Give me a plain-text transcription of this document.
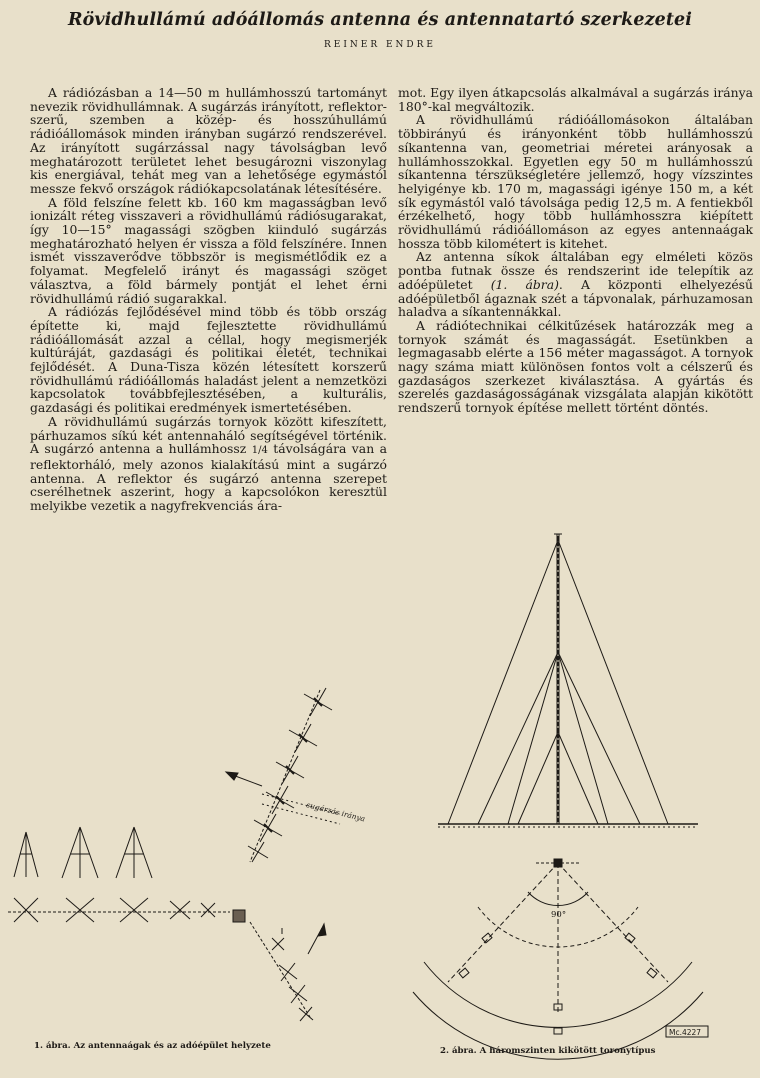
Rövidhullámú adóállomás antenna és antennatartó szerkezetei
REINER ENDRE

A rádiózásban a 14—50 m hullámhosszú tartományt nevezik rövidhullámnak. A sugárzás irányított, reflektor-szerű, szemben a közép- és hosszúhullámú rádióállomások minden irányban sugárzó rendszerével. Az irányított sugárzással nagy távolságban levő meghatározott területet lehet besugározni viszonylag kis energiával, tehát meg van a lehetősége egymástól messze fekvő országok rádiókapcsolatának létesítésére.

A föld felszíne felett kb. 160 km magasságban levő ionizált réteg visszaveri a rövidhullámú rádiósugarakat, így 10—15° magassági szögben kiinduló sugárzás meghatározható helyen ér vissza a föld felszínére. Innen ismét visszaverődve többször is megismétlődik ez a folyamat. Megfelelő irányt és magassági szöget választva, a föld bármely pontját el lehet érni rövidhullámú rádió sugarakkal.

A rádiózás fejlődésével mind több és több ország építette ki, majd fejlesztette rövidhullámú rádióállomását azzal a céllal, hogy megismerjék kultúráját, gazdasági és politikai életét, technikai fejlődését. A Duna-Tisza közén létesített korszerű rövidhullámú rádióállomás haladást jelent a nemzetközi kapcsolatok továbbfejlesztésében, a kulturális, gazdasági és politikai eredmények ismertetésében.

A rövidhullámú sugárzás tornyok között kifeszített, párhuzamos síkú két antennaháló segítségével történik. A sugárzó antenna a hullámhossz 1/4 távolságára van a reflektorháló, mely azonos kialakítású mint a sugárzó antenna. A reflektor és sugárzó antenna szerepet cserélhetnek aszerint, hogy a kapcsolókon keresztül melyikbe vezetik a nagyfrekvenciás ára-

mot. Egy ilyen átkapcsolás alkalmával a sugárzás iránya 180°-kal megváltozik.

A rövidhullámú rádióállomásokon általában többirányú és irányonként több hullámhosszú síkantenna van, geometriai méretei arányosak a hullámhosszokkal. Egyetlen egy 50 m hullámhosszú síkantenna térszükségletére jellemző, hogy vízszintes helyigénye kb. 170 m, magassági igénye 150 m, a két sík egymástól való távolsága pedig 12,5 m. A fentiekből érzékelhető, hogy több hullámhosszra kiépített rövidhullámú rádióállomáson az egyes antennaágak hossza több kilométert is kitehet.

Az antenna síkok általában egy elméleti közös pontba futnak össze és rendszerint ide telepítik az adóépületet (1. ábra). A központi elhelyezésű adóépületből ágaznak szét a tápvonalak, párhuzamosan haladva a síkantennákkal.

A rádiótechnikai célkitűzések határozzák meg a tornyok számát és magasságát. Esetünkben a legmagasabb elérte a 156 méter magasságot. A tornyok nagy száma miatt különösen fontos volt a célszerű és gazdaságos szerkezet kiválasztása. A gyártás és szerelés gazdaságosságának vizsgálata alapján kikötött rendszerű tornyok építése mellett történt döntés.

sugárzás iránya
90°
Mc.4227
1. ábra. Az antennaágak és az adóépület helyzete	2. ábra. A háromszinten kikötött toronytípus
